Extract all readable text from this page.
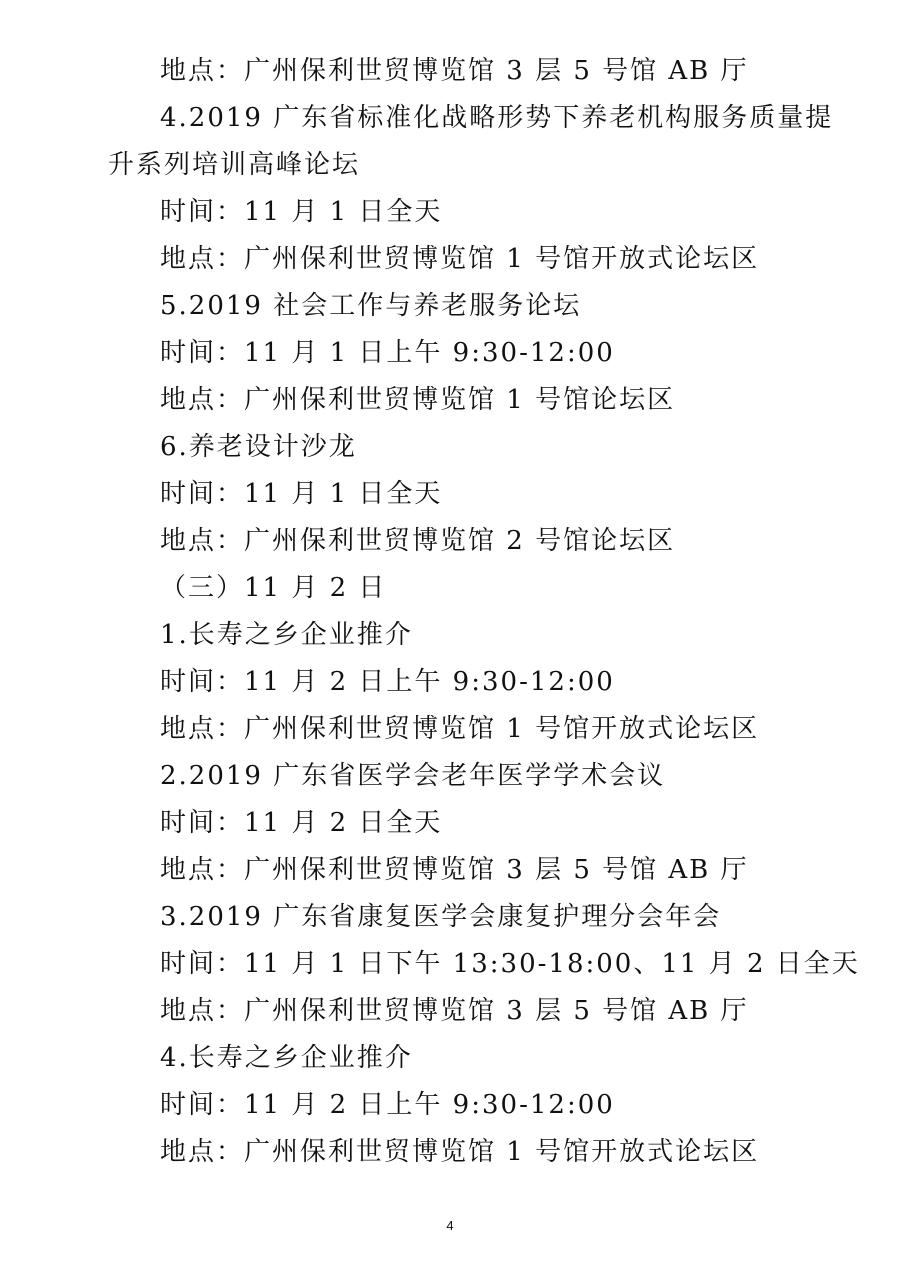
地点：广州保利世贸博览馆 3 层 5 号馆 AB 厅
4.2019 广东省标准化战略形势下养老机构服务质量提
升系列培训高峰论坛
时间：11 月 1 日全天
地点：广州保利世贸博览馆 1 号馆开放式论坛区
5.2019 社会工作与养老服务论坛
时间：11 月 1 日上午 9:30-12:00
地点：广州保利世贸博览馆 1 号馆论坛区
6.养老设计沙龙
时间：11 月 1 日全天
地点：广州保利世贸博览馆 2 号馆论坛区
（三）11 月 2 日
1.长寿之乡企业推介
时间：11 月 2 日上午 9:30-12:00
地点：广州保利世贸博览馆 1 号馆开放式论坛区
2.2019 广东省医学会老年医学学术会议
时间：11 月 2 日全天
地点：广州保利世贸博览馆 3 层 5 号馆 AB 厅
3.2019 广东省康复医学会康复护理分会年会
时间：11 月 1 日下午 13:30-18:00、11 月 2 日全天
地点：广州保利世贸博览馆 3 层 5 号馆 AB 厅
4.长寿之乡企业推介
时间：11 月 2 日上午 9:30-12:00
地点：广州保利世贸博览馆 1 号馆开放式论坛区
4
